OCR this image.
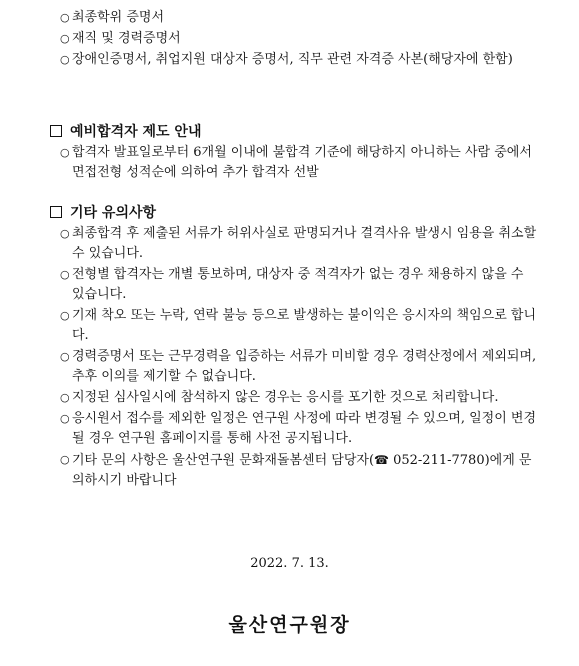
○ 최종학위 증명서
○ 재직 및 경력증명서
○ 장애인증명서, 취업지원 대상자 증명서, 직무 관련 자격증 사본(해당자에 한함)
예비합격자 제도 안내
○ 합격자 발표일로부터 6개월 이내에 불합격 기준에 해당하지 아니하는 사람 중에서 면접전형 성적순에 의하여 추가 합격자 선발
기타 유의사항
○ 최종합격 후 제출된 서류가 허위사실로 판명되거나 결격사유 발생시 임용을 취소할 수 있습니다.
○ 전형별 합격자는 개별 통보하며, 대상자 중 적격자가 없는 경우 채용하지 않을 수 있습니다.
○ 기재 착오 또는 누락, 연락 불능 등으로 발생하는 불이익은 응시자의 책임으로 합니다.
○ 경력증명서 또는 근무경력을 입증하는 서류가 미비할 경우 경력산정에서 제외되며, 추후 이의를 제기할 수 없습니다.
○ 지정된 심사일시에 참석하지 않은 경우는 응시를 포기한 것으로 처리합니다.
○ 응시원서 접수를 제외한 일정은 연구원 사정에 따라 변경될 수 있으며, 일정이 변경될 경우 연구원 홈페이지를 통해 사전 공지됩니다.
○ 기타 문의 사항은 울산연구원 문화재돌봄센터 담당자(☎ 052-211-7780)에게 문의하시기 바랍니다
2022. 7. 13.
울산연구원장
